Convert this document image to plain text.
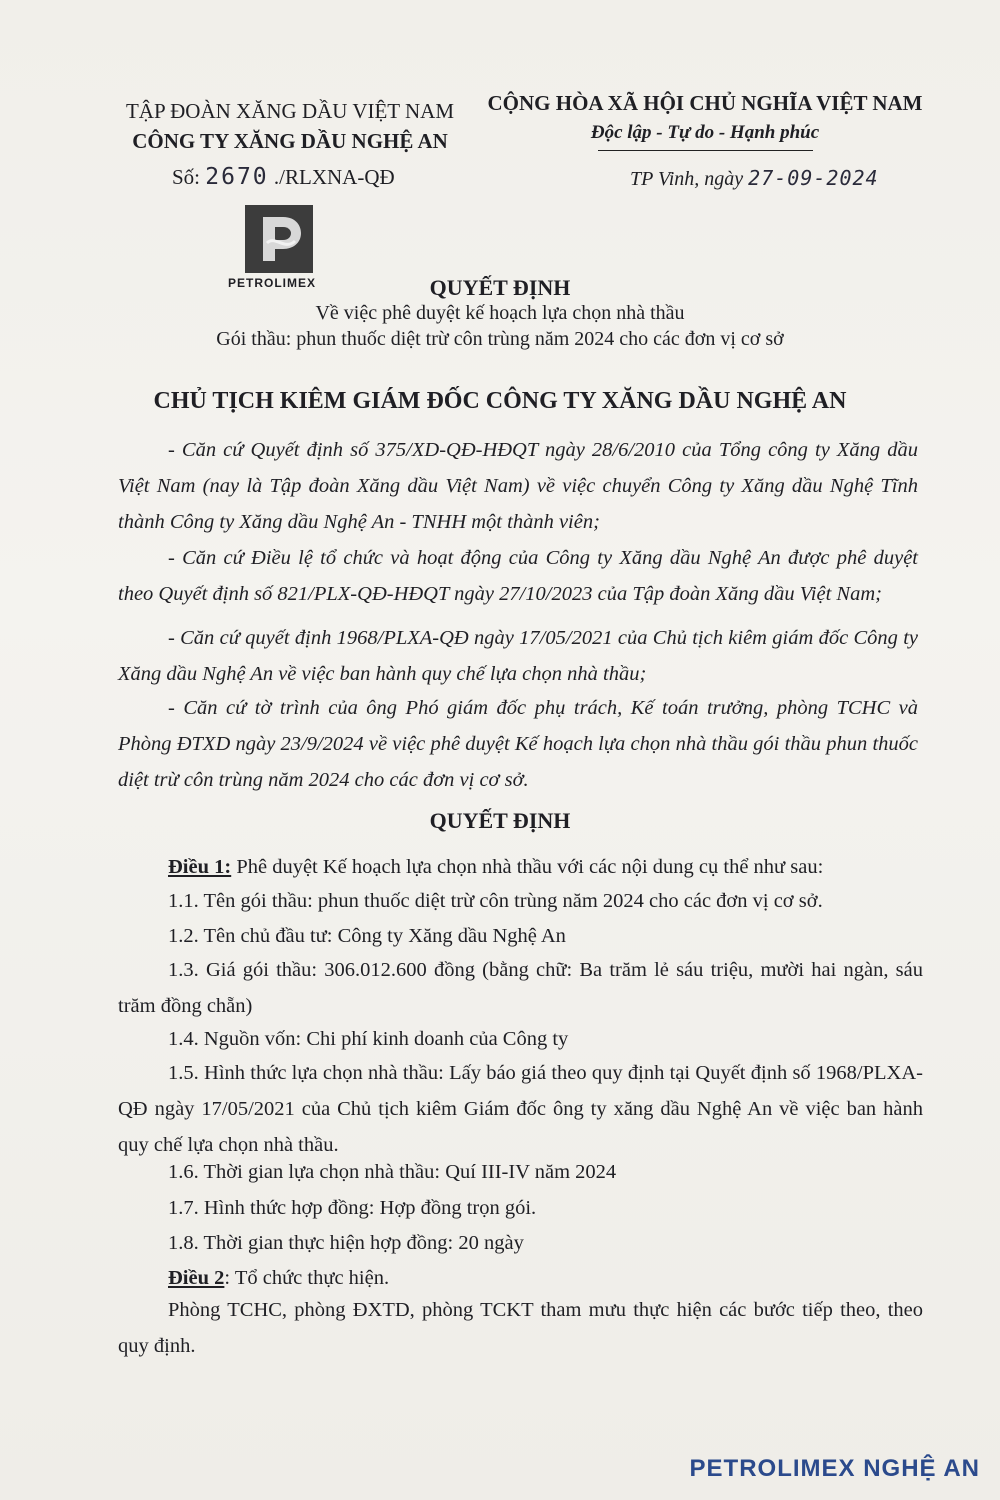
TẬP ĐOÀN XĂNG DẦU VIỆT NAM
CÔNG TY XĂNG DẦU NGHỆ AN
CỘNG HÒA XÃ HỘI CHỦ NGHĨA VIỆT NAM
Độc lập - Tự do - Hạnh phúc
Số: 2670 ./RLXNA-QĐ	TP Vinh, ngày 27-09-2024
PETROLIMEX	QUYẾT ĐỊNH
Về việc phê duyệt kế hoạch lựa chọn nhà thầu
Gói thầu: phun thuốc diệt trừ côn trùng năm 2024 cho các đơn vị cơ sở
CHỦ TỊCH KIÊM GIÁM ĐỐC CÔNG TY XĂNG DẦU NGHỆ AN
- Căn cứ Quyết định số 375/XD-QĐ-HĐQT ngày 28/6/2010 của Tổng công ty Xăng dầu Việt Nam (nay là Tập đoàn Xăng dầu Việt Nam) về việc chuyển Công ty Xăng dầu Nghệ Tĩnh thành Công ty Xăng dầu Nghệ An - TNHH một thành viên;
- Căn cứ Điều lệ tổ chức và hoạt động của Công ty Xăng dầu Nghệ An được phê duyệt theo Quyết định số 821/PLX-QĐ-HĐQT ngày 27/10/2023 của Tập đoàn Xăng dầu Việt Nam;
- Căn cứ quyết định 1968/PLXA-QĐ ngày 17/05/2021 của Chủ tịch kiêm giám đốc Công ty Xăng dầu Nghệ An về việc ban hành quy chế lựa chọn nhà thầu;
- Căn cứ tờ trình của ông Phó giám đốc phụ trách, Kế toán trưởng, phòng TCHC và Phòng ĐTXD ngày 23/9/2024 về việc phê duyệt Kế hoạch lựa chọn nhà thầu gói thầu phun thuốc diệt trừ côn trùng năm 2024 cho các đơn vị cơ sở.
QUYẾT ĐỊNH
Điều 1: Phê duyệt Kế hoạch lựa chọn nhà thầu với các nội dung cụ thể như sau:
1.1. Tên gói thầu: phun thuốc diệt trừ côn trùng năm 2024 cho các đơn vị cơ sở.
1.2. Tên chủ đầu tư: Công ty Xăng dầu Nghệ An
1.3. Giá gói thầu: 306.012.600 đồng (bằng chữ: Ba trăm lẻ sáu triệu, mười hai ngàn, sáu trăm đồng chẵn)
1.4. Nguồn vốn: Chi phí kinh doanh của Công ty
1.5. Hình thức lựa chọn nhà thầu: Lấy báo giá theo quy định tại Quyết định số 1968/PLXA-QĐ ngày 17/05/2021 của Chủ tịch kiêm Giám đốc ông ty xăng dầu Nghệ An về việc ban hành quy chế lựa chọn nhà thầu.
1.6. Thời gian lựa chọn nhà thầu: Quí III-IV năm 2024
1.7. Hình thức hợp đồng: Hợp đồng trọn gói.
1.8. Thời gian thực hiện hợp đồng: 20 ngày
Điều 2: Tổ chức thực hiện.
Phòng TCHC, phòng ĐXTD, phòng TCKT tham mưu thực hiện các bước tiếp theo, theo quy định.
PETROLIMEX NGHỆ AN
